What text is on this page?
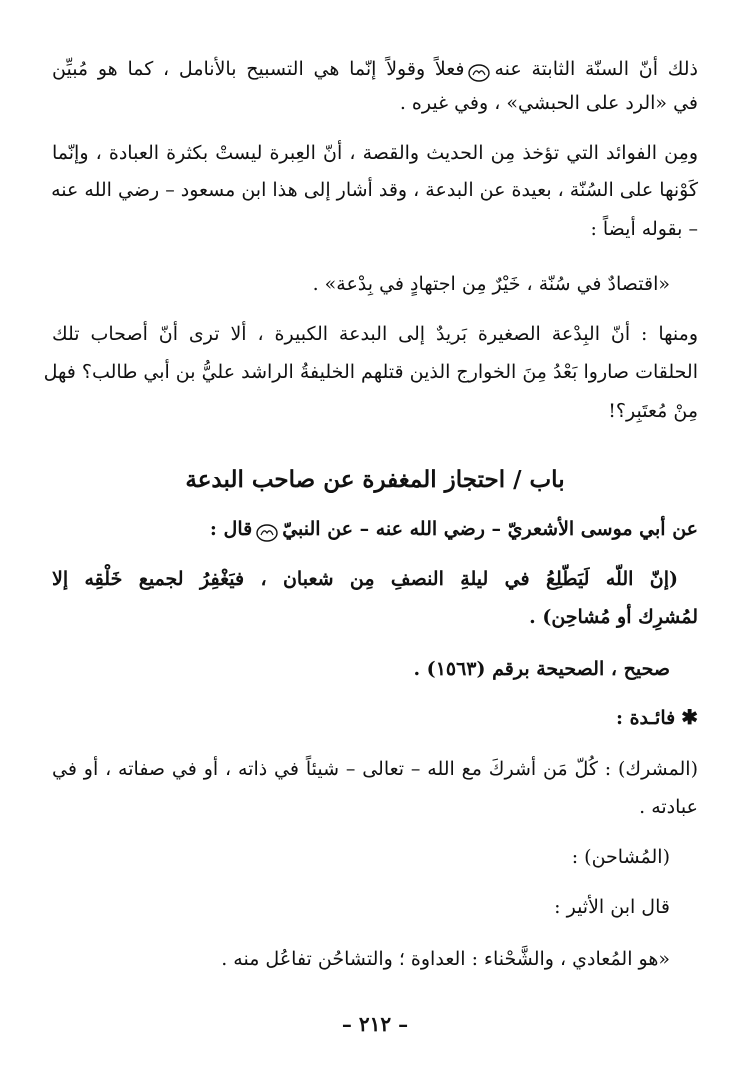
ذلك أنّ السنّة الثابتة عنهفعلاً وقولاً إنّما هي التسبيح بالأنامل ، كما هو مُبيِّن
في «الرد على الحبشي» ، وفي غيره .
ومِن الفوائد التي تؤخذ مِن الحديث والقصة ، أنّ العِبرة ليستْ بكثرة العبادة ، وإنّما
كَوْنها على السُنّة ، بعيدة عن البدعة ، وقد أشار إلى هذا ابن مسعود – رضي الله عنه
– بقوله أيضاً :
«اقتصادٌ في سُنّة ، خَيْرٌ مِن اجتهادٍ في بِدْعة» .
ومنها : أنّ البِدْعة الصغيرة بَريدٌ إلى البدعة الكبيرة ، ألا ترى أنّ أصحاب تلك
الحلقات صاروا بَعْدُ مِنَ الخوارج الذين قتلهم الخليفةُ الراشد عليُّ بن أبي طالب؟ فهل
مِنْ مُعتَبِر؟!
باب / احتجاز المغفرة عن صاحب البدعة
عن أبي موسى الأشعريّ – رضي الله عنه – عن النبيّقال :
(إنّ اللّه لَيَطّلِعُ في ليلةِ النصفِ مِن شعبان ، فيَغْفِرُ لجميع خَلْقِه إلا
لمُشرِك أو مُشاحِن) .
صحيح ، الصحيحة برقم (١٥٦٣) .
✱فائـدة :
(المشرك) : كُلّ مَن أشركَ مع الله – تعالى – شيئاً في ذاته ، أو في صفاته ، أو في
عبادته .
(المُشاحن) :
قال ابن الأثير :
«هو المُعادي ، والشَّحْناء : العداوة ؛ والتشاحُن تفاعُل منه .
– ٢١٢ –
